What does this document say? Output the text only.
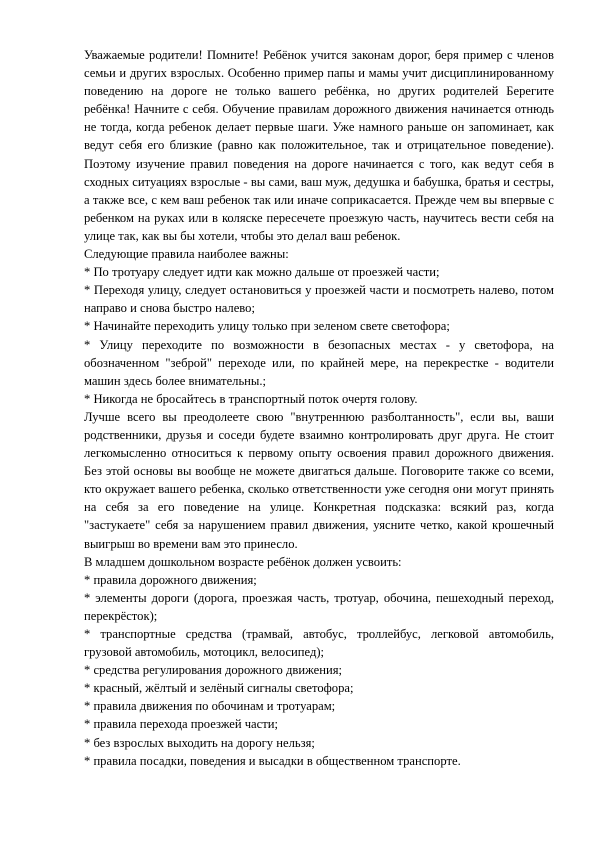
Уважаемые родители! Помните! Ребёнок учится законам дорог, беря пример с членов семьи и других взрослых. Особенно пример папы и мамы учит дисциплинированному поведению на дороге не только вашего ребёнка, но других родителей Берегите ребёнка! Начните с себя. Обучение правилам дорожного движения начинается отнюдь не тогда, когда ребенок делает первые шаги. Уже намного раньше он запоминает, как ведут себя его близкие (равно как положительное, так и отрицательное поведение). Поэтому изучение правил поведения на дороге начинается с того, как ведут себя в сходных ситуациях взрослые - вы сами, ваш муж, дедушка и бабушка, братья и сестры, а также все, с кем ваш ребенок так или иначе соприкасается. Прежде чем вы впервые с ребенком на руках или в коляске пересечете проезжую часть, научитесь вести себя на улице так, как вы бы хотели, чтобы это делал ваш ребенок.

Следующие правила наиболее важны:

* По тротуару следует идти как можно дальше от проезжей части;

* Переходя улицу, следует остановиться у проезжей части и посмотреть налево, потом направо и снова быстро налево;

* Начинайте переходить улицу только при зеленом свете светофора;

* Улицу переходите по возможности в безопасных местах - у светофора, на обозначенном "зеброй" переходе или, по крайней мере, на перекрестке - водители машин здесь более внимательны.;

* Никогда не бросайтесь в транспортный поток очертя голову.

Лучше всего вы преодолеете свою "внутреннюю разболтанность", если вы, ваши родственники, друзья и соседи будете взаимно контролировать друг друга. Не стоит легкомысленно относиться к первому опыту освоения правил дорожного движения. Без этой основы вы вообще не можете двигаться дальше. Поговорите также со всеми, кто окружает вашего ребенка, сколько ответственности уже сегодня они могут принять на себя за его поведение на улице. Конкретная подсказка: всякий раз, когда "застукаете" себя за нарушением правил движения, уясните четко, какой крошечный выигрыш во времени вам это принесло.

В младшем дошкольном возрасте ребёнок должен усвоить:

* правила дорожного движения;

* элементы дороги (дорога, проезжая часть, тротуар, обочина, пешеходный переход, перекрёсток);

* транспортные средства (трамвай, автобус, троллейбус, легковой автомобиль, грузовой автомобиль, мотоцикл, велосипед);

* средства регулирования дорожного движения;

* красный, жёлтый и зелёный сигналы светофора;

* правила движения по обочинам и тротуарам;

* правила перехода проезжей части;

* без взрослых выходить на дорогу нельзя;

* правила посадки, поведения и высадки в общественном транспорте.
